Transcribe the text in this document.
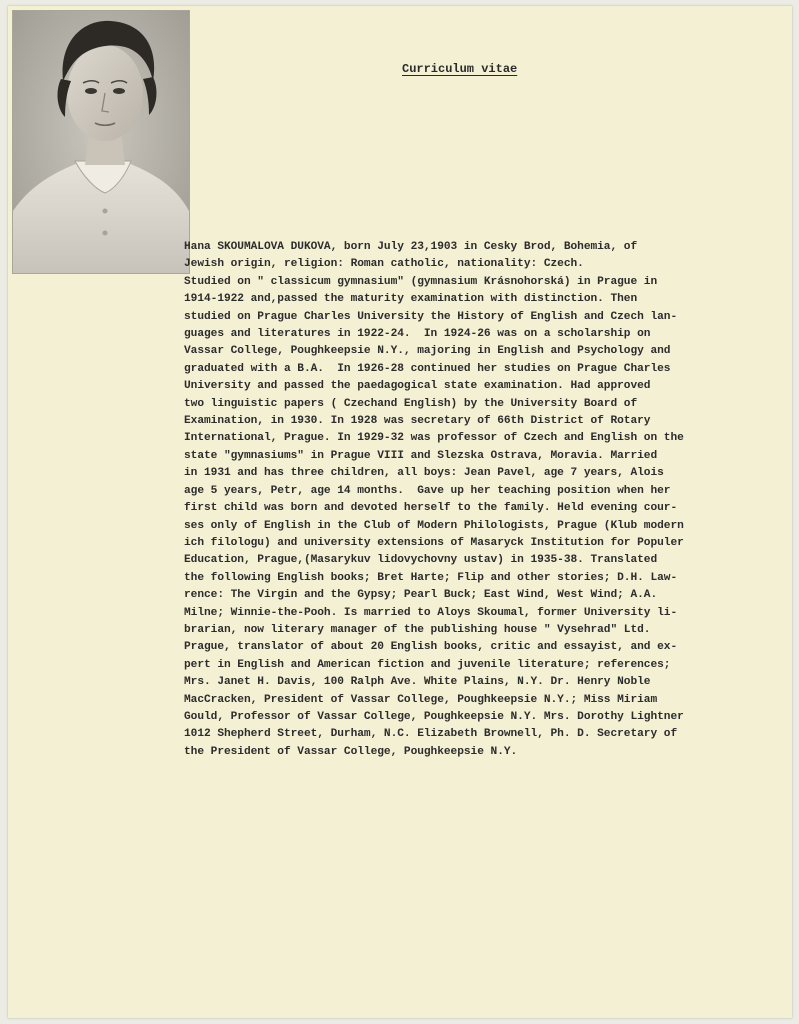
Curriculum vitae
Hana SKOUMALOVA DUKOVA, born July 23,1903 in Cesky Brod, Bohemia, of
Jewish origin, religion: Roman catholic, nationality: Czech.
Studied on " classicum gymnasium" (gymnasium Krásnohorská) in Prague in
1914-1922 and,passed the maturity examination with distinction. Then
studied on Prague Charles University the History of English and Czech lan-
guages and literatures in 1922-24.  In 1924-26 was on a scholarship on
Vassar College, Poughkeepsie N.Y., majoring in English and Psychology and
graduated with a B.A.  In 1926-28 continued her studies on Prague Charles
University and passed the paedagogical state examination. Had approved
two linguistic papers ( Czechand English) by the University Board of
Examination, in 1930. In 1928 was secretary of 66th District of Rotary
International, Prague. In 1929-32 was professor of Czech and English on the
state "gymnasiums" in Prague VIII and Slezska Ostrava, Moravia. Married
in 1931 and has three children, all boys: Jean Pavel, age 7 years, Alois
age 5 years, Petr, age 14 months.  Gave up her teaching position when her
first child was born and devoted herself to the family. Held evening cour-
ses only of English in the Club of Modern Philologists, Prague (Klub modern
ich filologu) and university extensions of Masaryck Institution for Populer
Education, Prague,(Masarykuv lidovychovny ustav) in 1935-38. Translated
the following English books; Bret Harte; Flip and other stories; D.H. Law-
rence: The Virgin and the Gypsy; Pearl Buck; East Wind, West Wind; A.A.
Milne; Winnie-the-Pooh. Is married to Aloys Skoumal, former University li-
brarian, now literary manager of the publishing house " Vysehrad" Ltd.
Prague, translator of about 20 English books, critic and essayist, and ex-
pert in English and American fiction and juvenile literature; references;
Mrs. Janet H. Davis, 100 Ralph Ave. White Plains, N.Y. Dr. Henry Noble
MacCracken, President of Vassar College, Poughkeepsie N.Y.; Miss Miriam
Gould, Professor of Vassar College, Poughkeepsie N.Y. Mrs. Dorothy Lightner
1012 Shepherd Street, Durham, N.C. Elizabeth Brownell, Ph. D. Secretary of
the President of Vassar College, Poughkeepsie N.Y.
